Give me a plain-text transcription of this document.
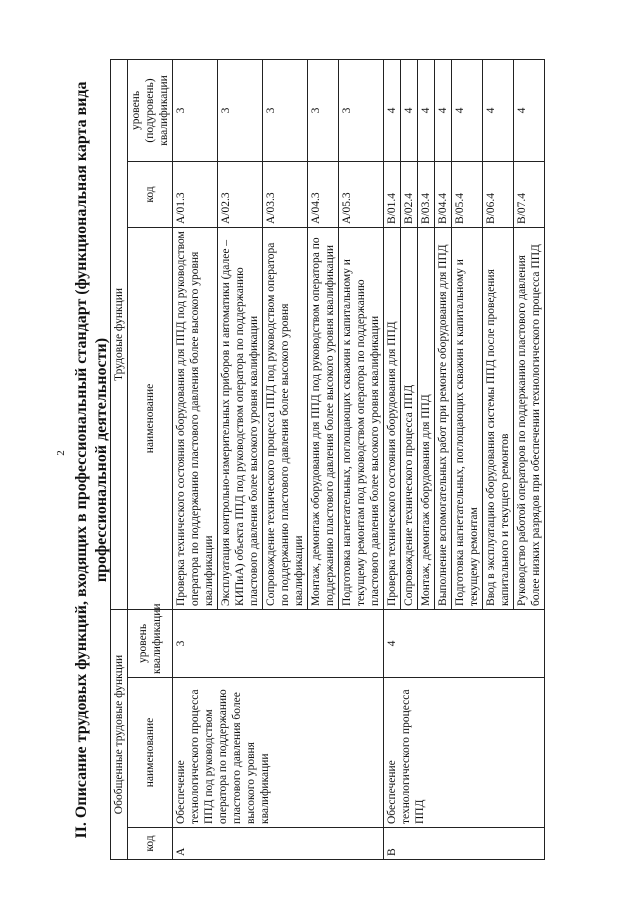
2 II. Описание трудовых функций, входящих в профессиональный стандарт (функциональная карта вида профессиональной деятельности)
Обобщенные трудовые функции			Трудовые функции		
код	наименование	уровень квалификации	наименование	код	уровень (подуровень) квалификации
A	Обеспечение технологического процесса ППД под руководством оператора по поддержанию пластового давления более высокого уровня квалификации	3	Проверка технического состояния оборудования для ППД под руководством оператора по поддержанию пластового давления более высокого уровня квалификации	A/01.3	3
			Эксплуатация контрольно-измерительных приборов и автоматики (далее – КИПиА) объекта ППД под руководством оператора по поддержанию пластового давления более высокого уровня квалификации	A/02.3	3
			Сопровождение технического процесса ППД под руководством оператора по поддержанию пластового давления более высокого уровня квалификации	A/03.3	3
			Монтаж, демонтаж оборудования для ППД под руководством оператора по поддержанию пластового давления более высокого уровня квалификации	A/04.3	3
			Подготовка нагнетательных, поглощающих скважин к капитальному и текущему ремонтам под руководством оператора по поддержанию пластового давления более высокого уровня квалификации	A/05.3	3
B	Обеспечение технологического процесса ППД	4	Проверка технического состояния оборудования для ППД	B/01.4	4
			Сопровождение технического процесса ППД	B/02.4	4
			Монтаж, демонтаж оборудования для ППД	B/03.4	4
			Выполнение вспомогательных работ при ремонте оборудования для ППД	B/04.4	4
			Подготовка нагнетательных, поглощающих скважин к капитальному и текущему ремонтам	B/05.4	4
			Ввод в эксплуатацию оборудования системы ППД после проведения капитального и текущего ремонтов	B/06.4	4
			Руководство работой операторов по поддержанию пластового давления более низких разрядов при обеспечении технологического процесса ППД	B/07.4	4
